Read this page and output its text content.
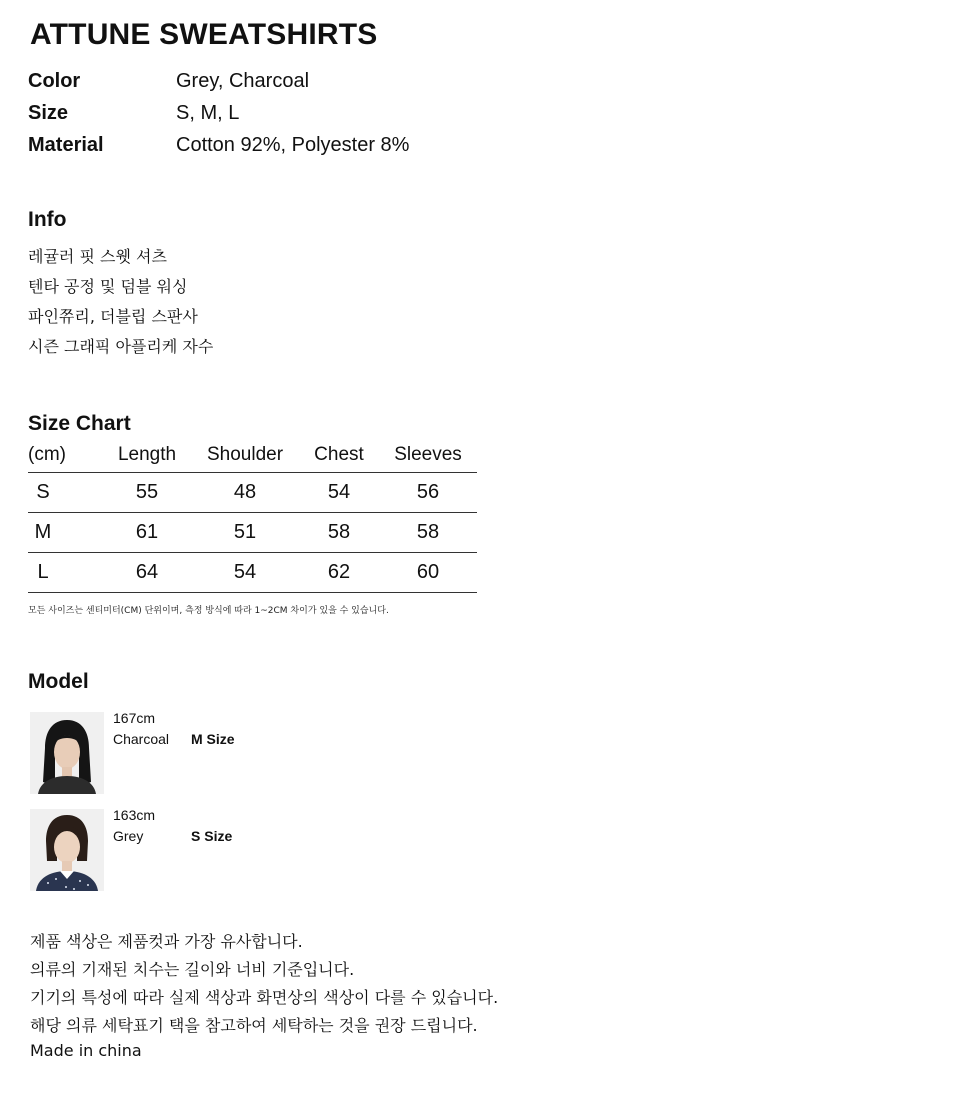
ATTUNE SWEATSHIRTS
Color	Grey, Charcoal
Size	S, M, L
Material	Cotton 92%, Polyester 8%
Info
레귤러 핏 스웻 셔츠
텐타 공정 및 덤블 워싱
파인쮸리, 더블립 스판사
시즌 그래픽 아플리케 자수
Size Chart
(cm)	Length	Shoulder	Chest	Sleeves
S	55	48	54	56
M	61	51	58	58
L	64	54	62	60
모든 사이즈는 센티미터(CM) 단위이며, 측정 방식에 따라 1~2CM 차이가 있을 수 있습니다.
Model
167cm
Charcoal M Size
163cm
Grey	S Size
제품 색상은 제품컷과 가장 유사합니다.
의류의 기재된 치수는 길이와 너비 기준입니다.
기기의 특성에 따라 실제 색상과 화면상의 색상이 다를 수 있습니다.
해당 의류 세탁표기 택을 참고하여 세탁하는 것을 권장 드립니다.
Made in china
